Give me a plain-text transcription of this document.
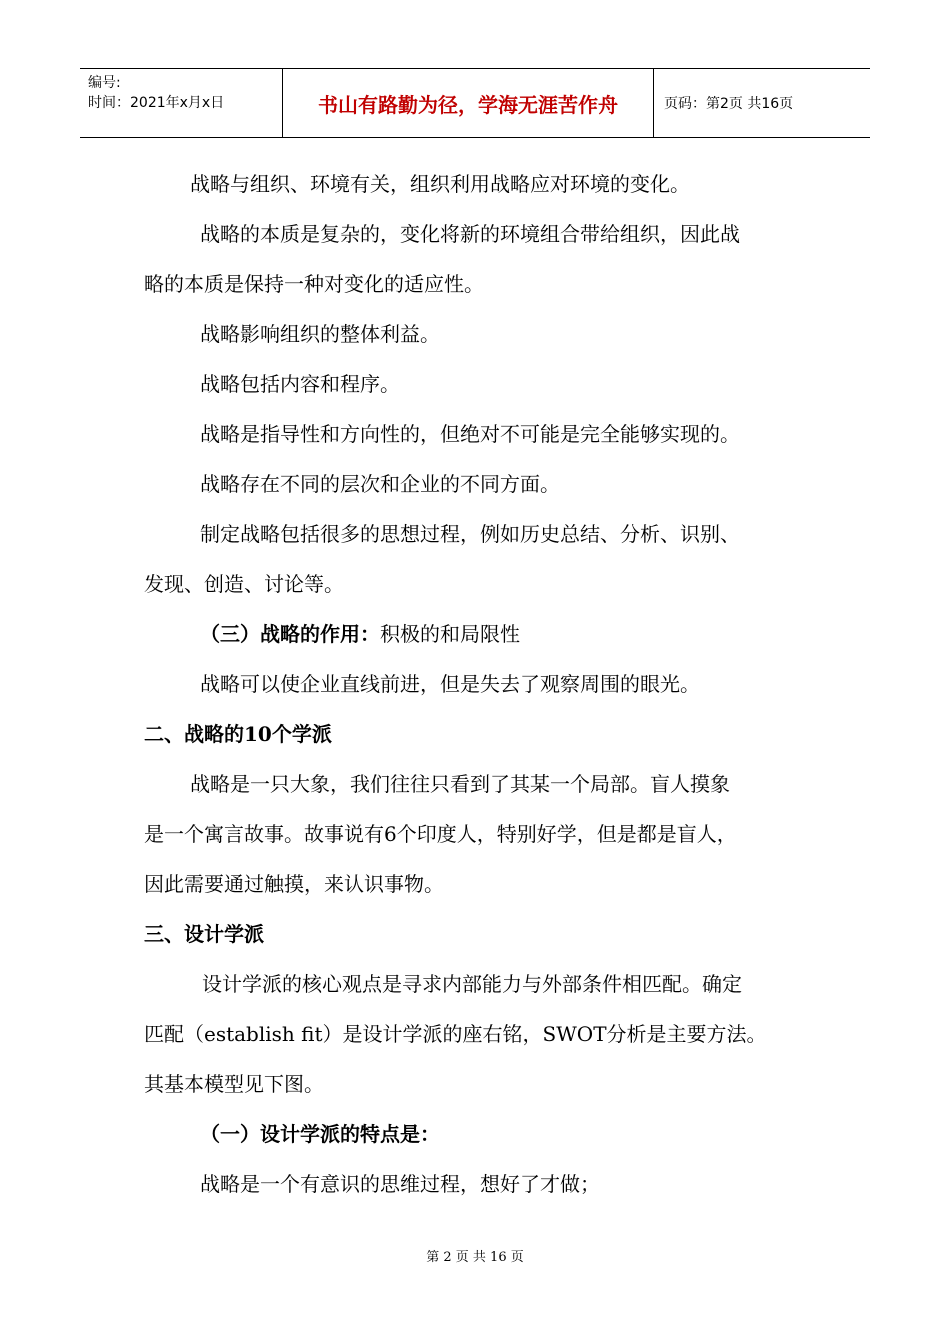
编号:
时间：2021年x月x日	书山有路勤为径，学海无涯苦作舟	页码：第2页 共16页
战略与组织、环境有关，组织利用战略应对环境的变化。
战略的本质是复杂的，变化将新的环境组合带给组织，因此战
略的本质是保持一种对变化的适应性。
战略影响组织的整体利益。
战略包括内容和程序。
战略是指导性和方向性的，但绝对不可能是完全能够实现的。
战略存在不同的层次和企业的不同方面。
制定战略包括很多的思想过程，例如历史总结、分析、识别、
发现、创造、讨论等。
（三）战略的作用：积极的和局限性
战略可以使企业直线前进，但是失去了观察周围的眼光。
二、战略的10个学派
战略是一只大象，我们往往只看到了其某一个局部。盲人摸象
是一个寓言故事。故事说有6个印度人，特别好学，但是都是盲人，
因此需要通过触摸，来认识事物。
三、设计学派
设计学派的核心观点是寻求内部能力与外部条件相匹配。确定
匹配（establish fit）是设计学派的座右铭，SWOT分析是主要方法。
其基本模型见下图。
（一）设计学派的特点是：
战略是一个有意识的思维过程，想好了才做；
第 2 页 共 16 页
